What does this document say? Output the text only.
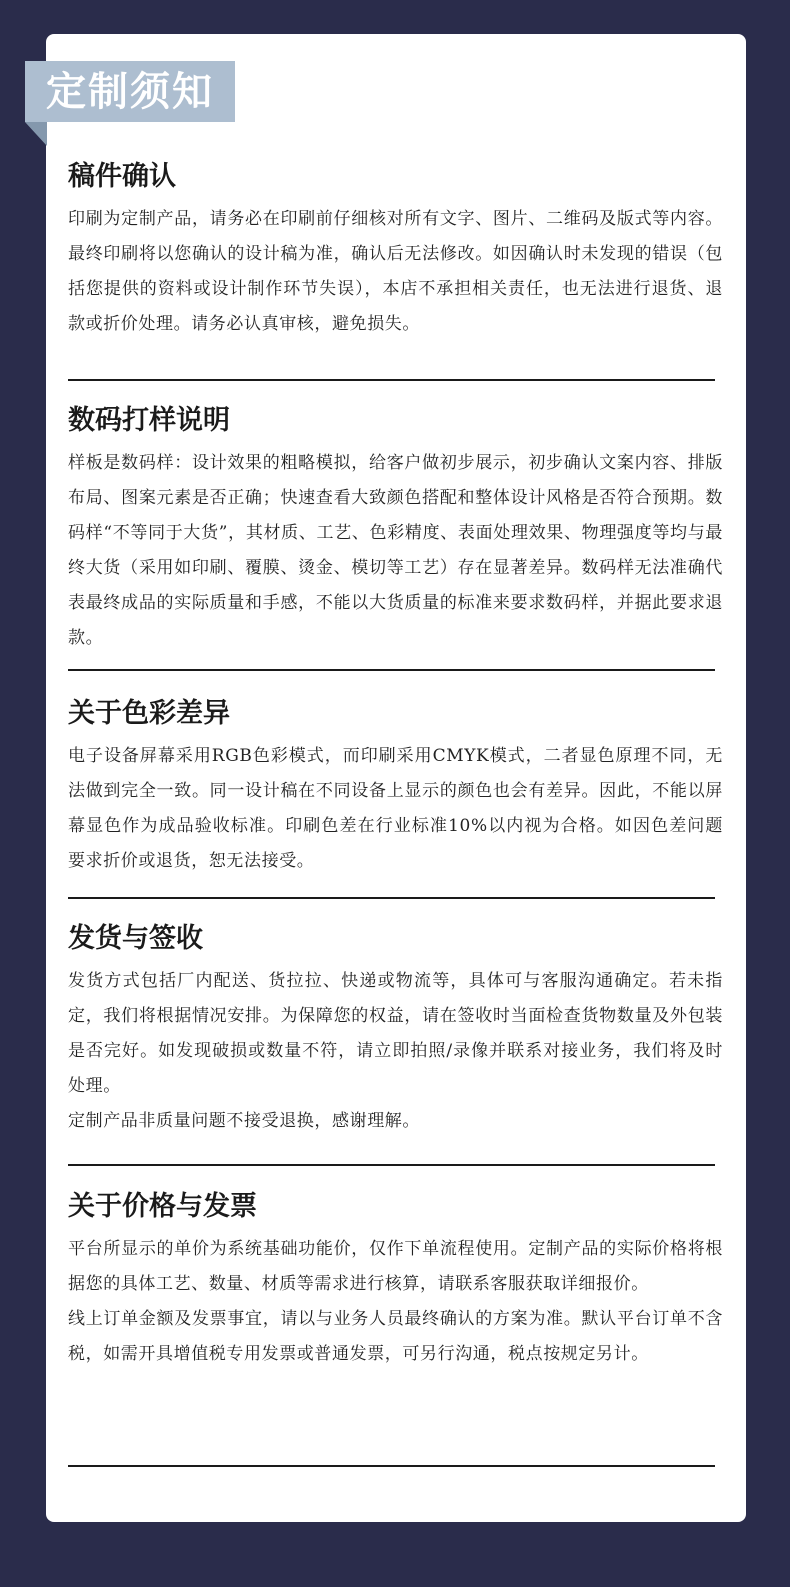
定制须知
稿件确认

印刷为定制产品，请务必在印刷前仔细核对所有文字、图片、二维码及版式等内容。最终印刷将以您确认的设计稿为准，确认后无法修改。如因确认时未发现的错误（包括您提供的资料或设计制作环节失误），本店不承担相关责任，也无法进行退货、退款或折价处理。请务必认真审核，避免损失。

数码打样说明

样板是数码样：设计效果的粗略模拟，给客户做初步展示，初步确认文案内容、排版布局、图案元素是否正确；快速查看大致颜色搭配和整体设计风格是否符合预期。数码样“不等同于大货”，其材质、工艺、色彩精度、表面处理效果、物理强度等均与最终大货（采用如印刷、覆膜、烫金、模切等工艺）存在显著差异。数码样无法准确代表最终成品的实际质量和手感，不能以大货质量的标准来要求数码样，并据此要求退款。

关于色彩差异

电子设备屏幕采用RGB色彩模式，而印刷采用CMYK模式，二者显色原理不同，无法做到完全一致。同一设计稿在不同设备上显示的颜色也会有差异。因此，不能以屏幕显色作为成品验收标准。印刷色差在行业标准10%以内视为合格。如因色差问题要求折价或退货，恕无法接受。

发货与签收

发货方式包括厂内配送、货拉拉、快递或物流等，具体可与客服沟通确定。若未指定，我们将根据情况安排。为保障您的权益，请在签收时当面检查货物数量及外包装是否完好。如发现破损或数量不符，请立即拍照/录像并联系对接业务，我们将及时处理。

定制产品非质量问题不接受退换，感谢理解。

关于价格与发票

平台所显示的单价为系统基础功能价，仅作下单流程使用。定制产品的实际价格将根据您的具体工艺、数量、材质等需求进行核算，请联系客服获取详细报价。

线上订单金额及发票事宜，请以与业务人员最终确认的方案为准。默认平台订单不含税，如需开具增值税专用发票或普通发票，可另行沟通，税点按规定另计。
